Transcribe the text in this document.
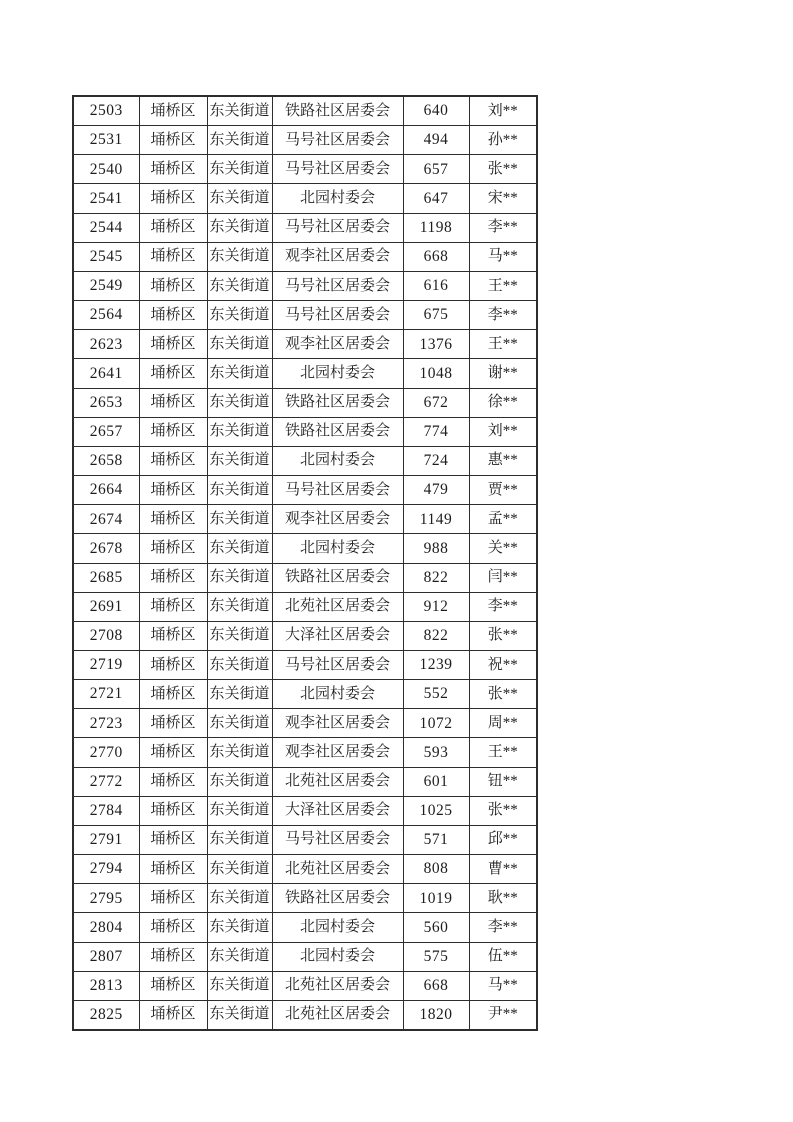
2503	埇桥区	东关街道	铁路社区居委会	640	刘**
2531	埇桥区	东关街道	马号社区居委会	494	孙**
2540	埇桥区	东关街道	马号社区居委会	657	张**
2541	埇桥区	东关街道	北园村委会	647	宋**
2544	埇桥区	东关街道	马号社区居委会	1198	李**
2545	埇桥区	东关街道	观李社区居委会	668	马**
2549	埇桥区	东关街道	马号社区居委会	616	王**
2564	埇桥区	东关街道	马号社区居委会	675	李**
2623	埇桥区	东关街道	观李社区居委会	1376	王**
2641	埇桥区	东关街道	北园村委会	1048	谢**
2653	埇桥区	东关街道	铁路社区居委会	672	徐**
2657	埇桥区	东关街道	铁路社区居委会	774	刘**
2658	埇桥区	东关街道	北园村委会	724	惠**
2664	埇桥区	东关街道	马号社区居委会	479	贾**
2674	埇桥区	东关街道	观李社区居委会	1149	孟**
2678	埇桥区	东关街道	北园村委会	988	关**
2685	埇桥区	东关街道	铁路社区居委会	822	闫**
2691	埇桥区	东关街道	北苑社区居委会	912	李**
2708	埇桥区	东关街道	大泽社区居委会	822	张**
2719	埇桥区	东关街道	马号社区居委会	1239	祝**
2721	埇桥区	东关街道	北园村委会	552	张**
2723	埇桥区	东关街道	观李社区居委会	1072	周**
2770	埇桥区	东关街道	观李社区居委会	593	王**
2772	埇桥区	东关街道	北苑社区居委会	601	钮**
2784	埇桥区	东关街道	大泽社区居委会	1025	张**
2791	埇桥区	东关街道	马号社区居委会	571	邱**
2794	埇桥区	东关街道	北苑社区居委会	808	曹**
2795	埇桥区	东关街道	铁路社区居委会	1019	耿**
2804	埇桥区	东关街道	北园村委会	560	李**
2807	埇桥区	东关街道	北园村委会	575	伍**
2813	埇桥区	东关街道	北苑社区居委会	668	马**
2825	埇桥区	东关街道	北苑社区居委会	1820	尹**
